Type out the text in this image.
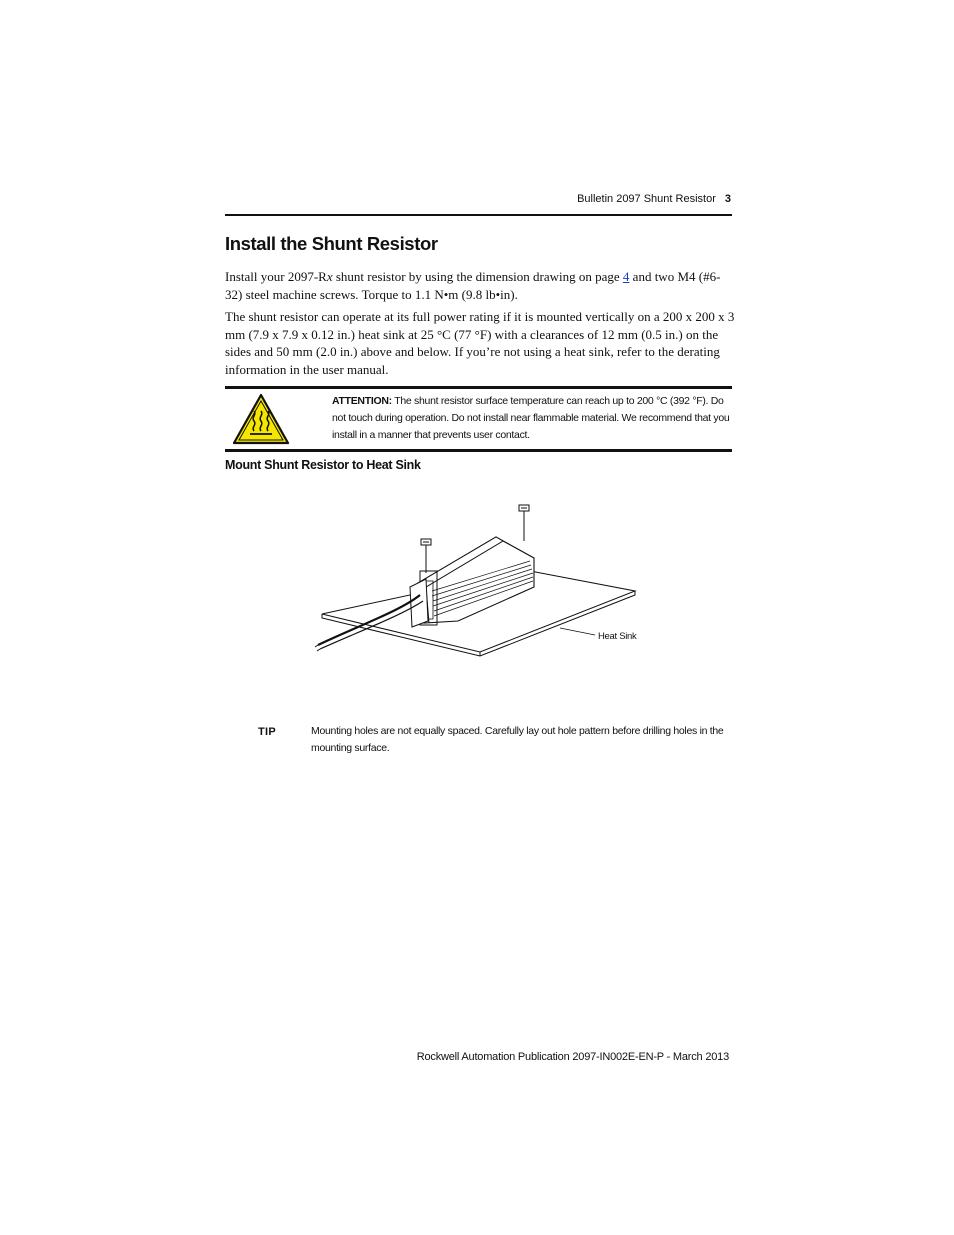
Bulletin 2097 Shunt Resistor 3
Install the Shunt Resistor
Install your 2097-Rx shunt resistor by using the dimension drawing on page 4 and two M4 (#6-32) steel machine screws. Torque to 1.1 N•m (9.8 lb•in).
The shunt resistor can operate at its full power rating if it is mounted vertically on a 200 x 200 x 3 mm (7.9 x 7.9 x 0.12 in.) heat sink at 25 °C (77 °F) with a clearances of 12 mm (0.5 in.) on the sides and 50 mm (2.0 in.) above and below. If you’re not using a heat sink, refer to the derating information in the user manual.
ATTENTION: The shunt resistor surface temperature can reach up to 200 °C (392 °F). Do not touch during operation. Do not install near flammable material. We recommend that you install in a manner that prevents user contact.
Mount Shunt Resistor to Heat Sink
Heat Sink
TIP	Mounting holes are not equally spaced. Carefully lay out hole pattern before drilling holes in the mounting surface.
Rockwell Automation Publication 2097-IN002E-EN-P - March 2013
